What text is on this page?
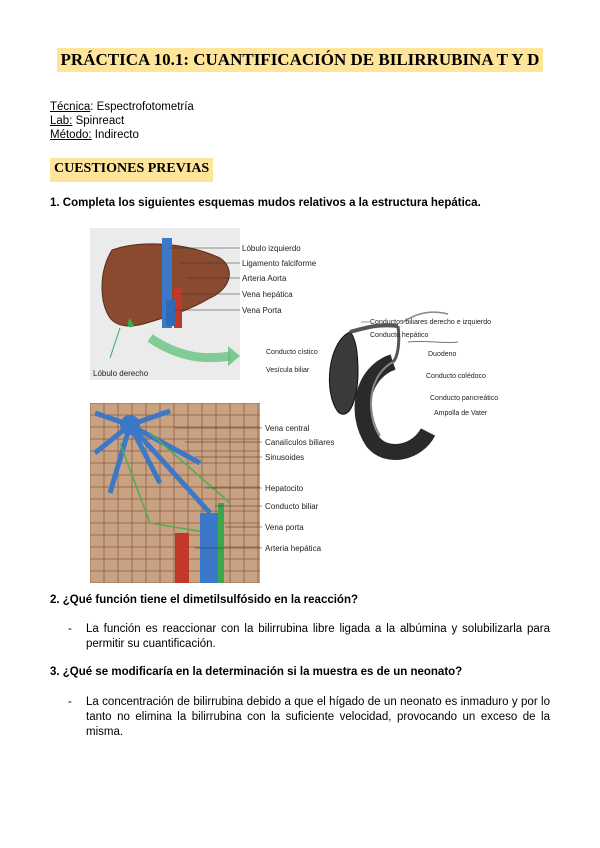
PRÁCTICA 10.1: CUANTIFICACIÓN DE BILIRRUBINA T Y D
Técnica: Espectrofotometría
Lab: Spinreact
Método: Indirecto
CUESTIONES PREVIAS
1. Completa los siguientes esquemas mudos relativos a la estructura hepática.
Lóbulo derecho
Lóbulo izquierdo
Ligamento falciforme
Arteria Aorta
Vena hepática
Vena Porta
Conductos biliares derecho e izquierdo
Conducto hepático
Conducto cístico	Duodeno
Vesícula biliar
Conducto colédoco
Conducto pancreático
Ampolla de Vater
Vena central
Canalículos biliares
Sinusoides
Hepatocito
Conducto biliar
Vena porta
Arteria hepática
2. ¿Qué función tiene el dimetilsulfósido en la reacción?
- La función es reaccionar con la bilirrubina libre ligada a la albúmina y solubilizarla para permitir su cuantificación.
3. ¿Qué se modificaría en la determinación si la muestra es de un neonato?
- La concentración de bilirrubina debido a que el hígado de un neonato es inmaduro y por lo tanto no elimina la bilirrubina con la suficiente velocidad, provocando un exceso de la misma.
